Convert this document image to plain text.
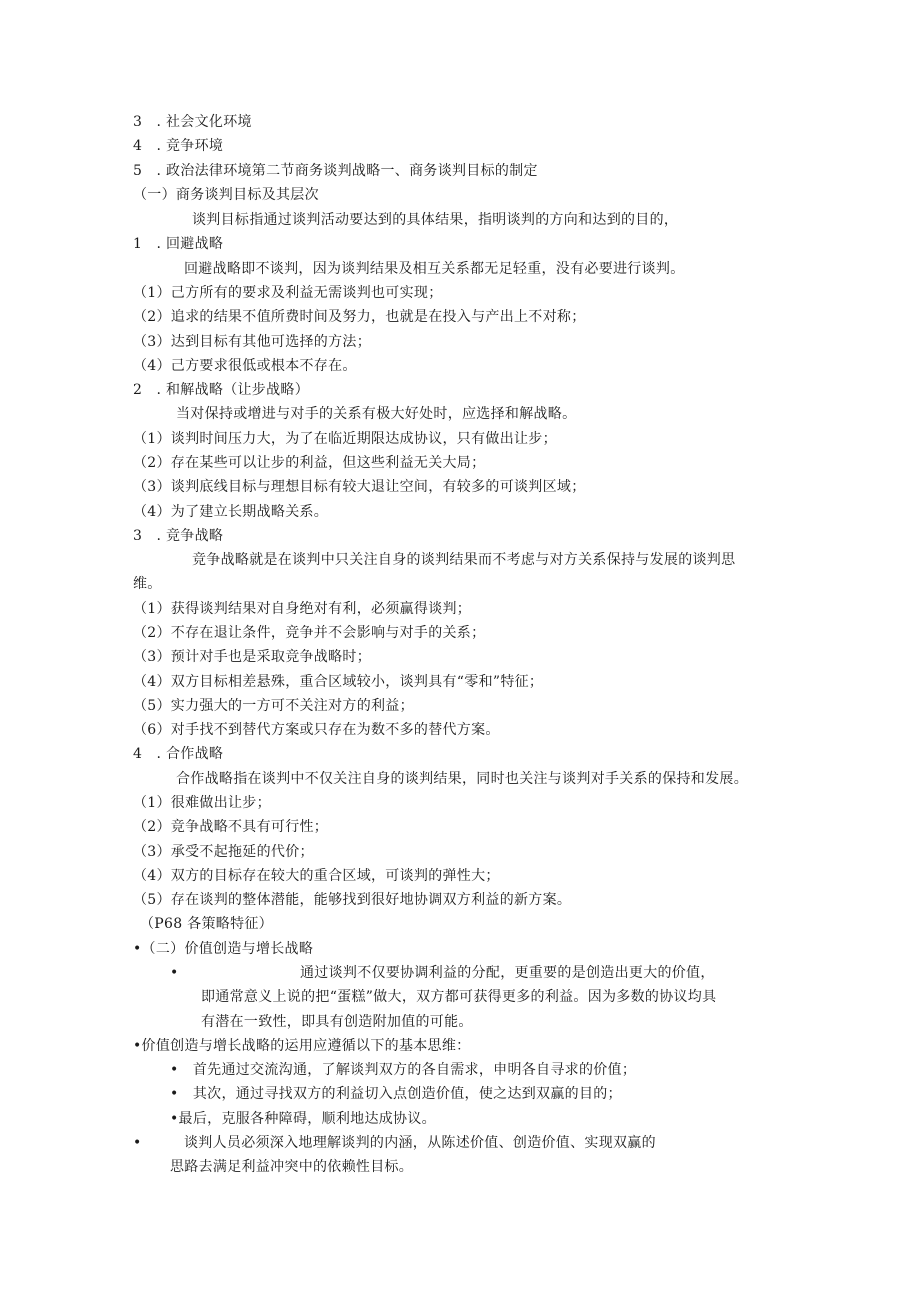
3　. 社会文化环境
4　. 竞争环境
5　. 政治法律环境第二节商务谈判战略一、商务谈判目标的制定
（一）商务谈判目标及其层次
谈判目标指通过谈判活动要达到的具体结果，指明谈判的方向和达到的目的，
1　. 回避战略
回避战略即不谈判，因为谈判结果及相互关系都无足轻重，没有必要进行谈判。
（1）己方所有的要求及利益无需谈判也可实现；
（2）追求的结果不值所费时间及努力，也就是在投入与产出上不对称；
（3）达到目标有其他可选择的方法；
（4）己方要求很低或根本不存在。
2　. 和解战略（让步战略）
当对保持或增进与对手的关系有极大好处时，应选择和解战略。
（1）谈判时间压力大，为了在临近期限达成协议，只有做出让步；
（2）存在某些可以让步的利益，但这些利益无关大局；
（3）谈判底线目标与理想目标有较大退让空间，有较多的可谈判区域；
（4）为了建立长期战略关系。
3　. 竞争战略
竞争战略就是在谈判中只关注自身的谈判结果而不考虑与对方关系保持与发展的谈判思
维。
（1）获得谈判结果对自身绝对有利，必须赢得谈判；
（2）不存在退让条件，竞争并不会影响与对手的关系；
（3）预计对手也是采取竞争战略时；
（4）双方目标相差悬殊，重合区域较小，谈判具有“零和”特征；
（5）实力强大的一方可不关注对方的利益；
（6）对手找不到替代方案或只存在为数不多的替代方案。
4　. 合作战略
合作战略指在谈判中不仅关注自身的谈判结果，同时也关注与谈判对手关系的保持和发展。
（1）很难做出让步；
（2）竞争战略不具有可行性；
（3）承受不起拖延的代价；
（4）双方的目标存在较大的重合区域，可谈判的弹性大；
（5）存在谈判的整体潜能，能够找到很好地协调双方利益的新方案。
（P68 各策略特征）
•（二）价值创造与增长战略
•	通过谈判不仅要协调利益的分配，更重要的是创造出更大的价值，
即通常意义上说的把“蛋糕”做大，双方都可获得更多的利益。因为多数的协议均具
有潜在一致性，即具有创造附加值的可能。
•价值创造与增长战略的运用应遵循以下的基本思维：
•　首先通过交流沟通，了解谈判双方的各自需求，申明各自寻求的价值；
•　其次，通过寻找双方的利益切入点创造价值，使之达到双赢的目的；
•最后，克服各种障碍，顺利地达成协议。
•	谈判人员必须深入地理解谈判的内涵，从陈述价值、创造价值、实现双赢的
思路去满足利益冲突中的依赖性目标。
